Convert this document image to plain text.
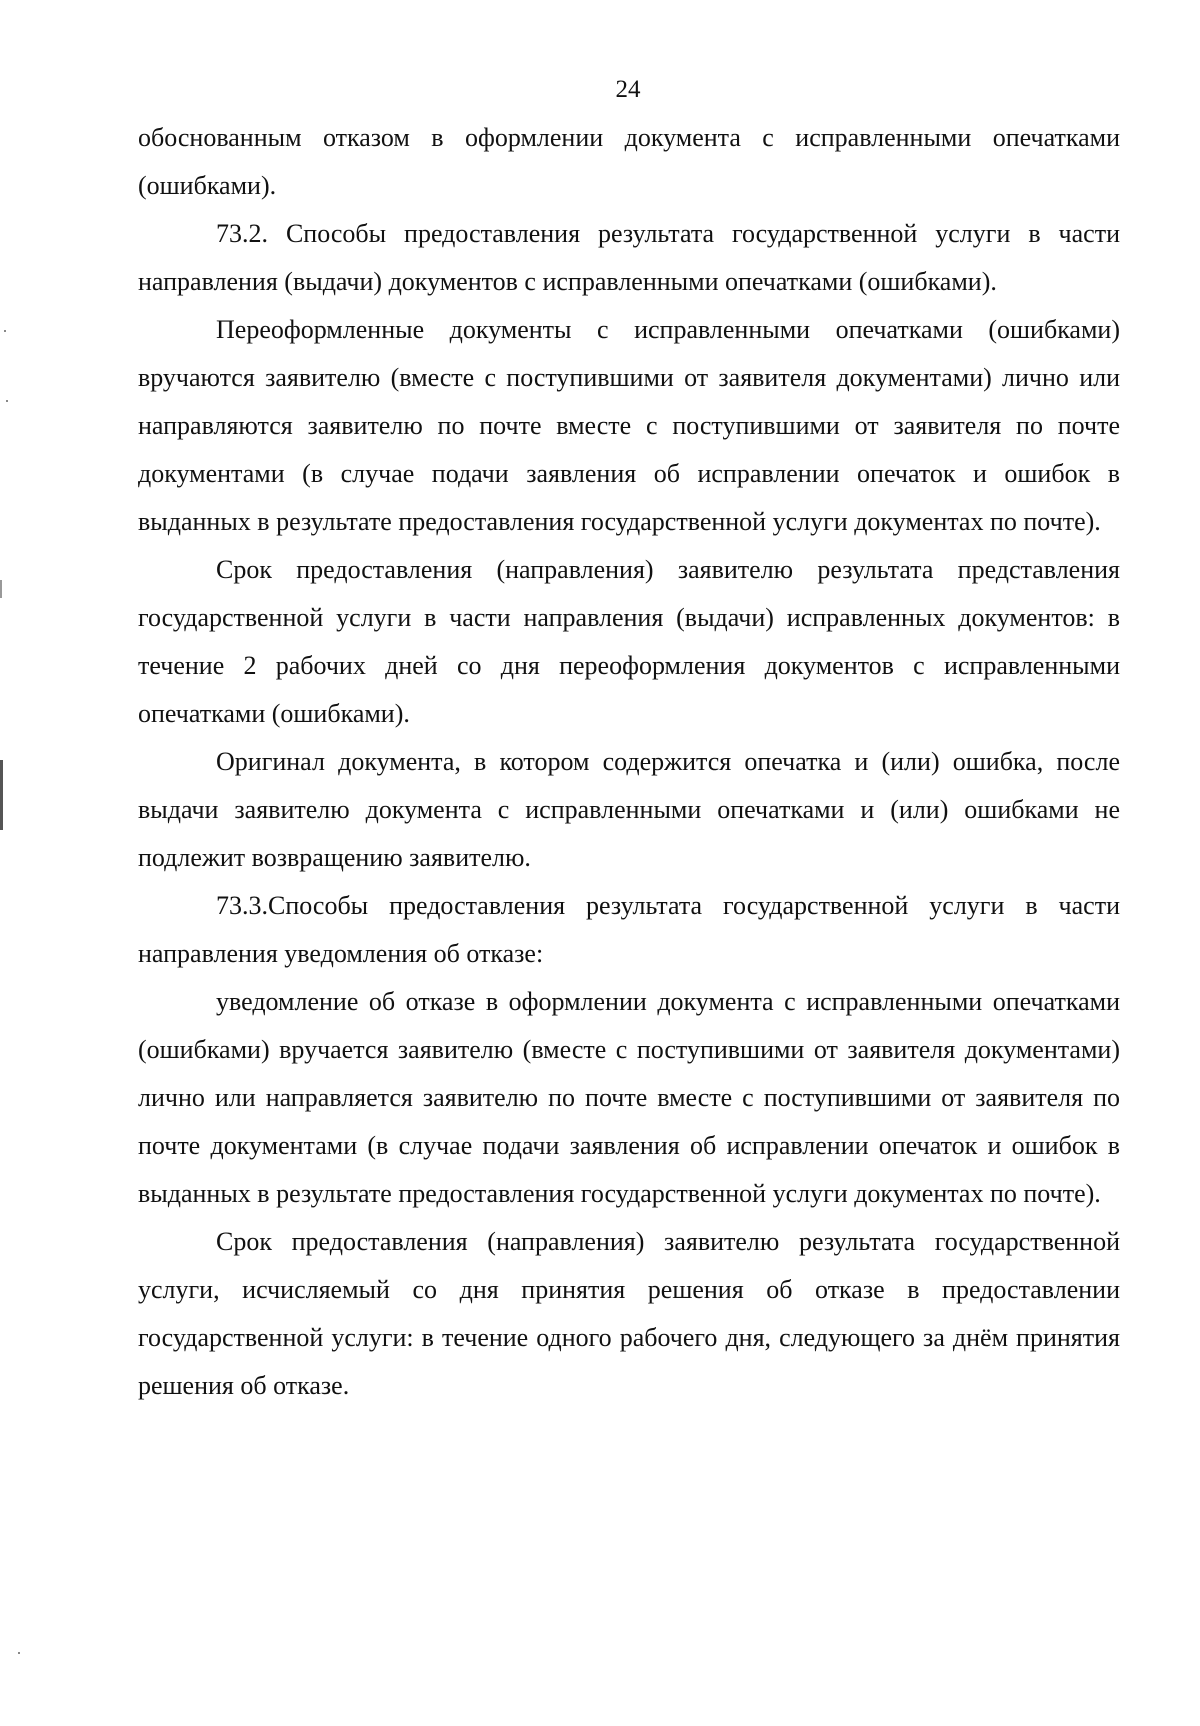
24

обоснованным отказом в оформлении документа с исправленными опечатками (ошибками).

73.2. Способы предоставления результата государственной услуги в части направления (выдачи) документов с исправленными опечатками (ошибками).

Переоформленные документы с исправленными опечатками (ошибками) вручаются заявителю (вместе с поступившими от заявителя документами) лично или направляются заявителю по почте вместе с поступившими от заявителя по почте документами (в случае подачи заявления об исправлении опечаток и ошибок в выданных в результате предоставления государственной услуги документах по почте).

Срок предоставления (направления) заявителю результата представления государственной услуги в части направления (выдачи) исправленных документов: в течение 2 рабочих дней со дня переоформления документов с исправленными опечатками (ошибками).

Оригинал документа, в котором содержится опечатка и (или) ошибка, после выдачи заявителю документа с исправленными опечатками и (или) ошибками не подлежит возвращению заявителю.

73.3.Способы предоставления результата государственной услуги в части направления уведомления об отказе:

уведомление об отказе в оформлении документа с исправленными опечатками (ошибками) вручается заявителю (вместе с поступившими от заявителя документами) лично или направляется заявителю по почте вместе с поступившими от заявителя по почте документами (в случае подачи заявления об исправлении опечаток и ошибок в выданных в результате предоставления государственной услуги документах по почте).

Срок предоставления (направления) заявителю результата государственной услуги, исчисляемый со дня принятия решения об отказе в предоставлении государственной услуги: в течение одного рабочего дня, следующего за днём принятия решения об отказе.
